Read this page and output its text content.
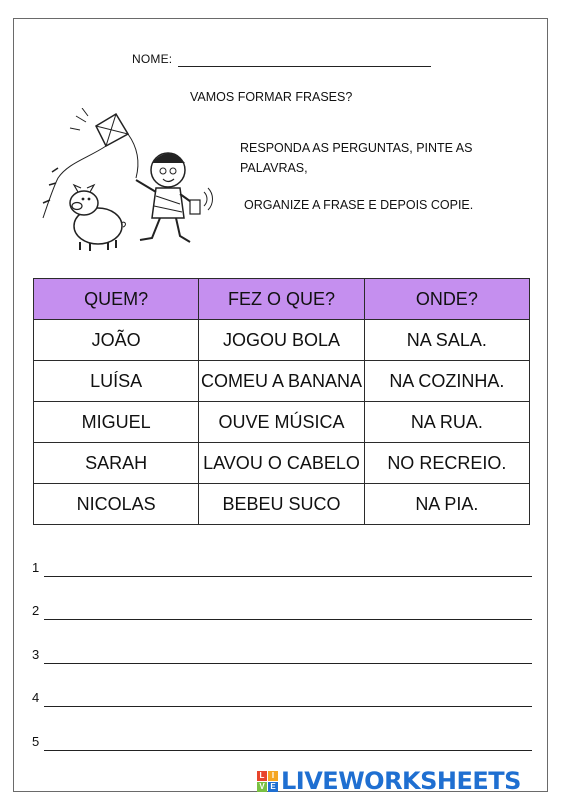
NOME:
VAMOS FORMAR FRASES?
RESPONDA AS PERGUNTAS, PINTE AS PALAVRAS,
ORGANIZE A FRASE E DEPOIS COPIE.
QUEM?	FEZ O QUE?	ONDE?
JOÃO	JOGOU BOLA	NA SALA.
LUÍSA	COMEU A BANANA	NA COZINHA.
MIGUEL	OUVE MÚSICA	NA RUA.
SARAH	LAVOU O CABELO	NO RECREIO.
NICOLAS	BEBEU SUCO	NA PIA.
1
2
3
4
5
L I
V E LIVEWORKSHEETS
